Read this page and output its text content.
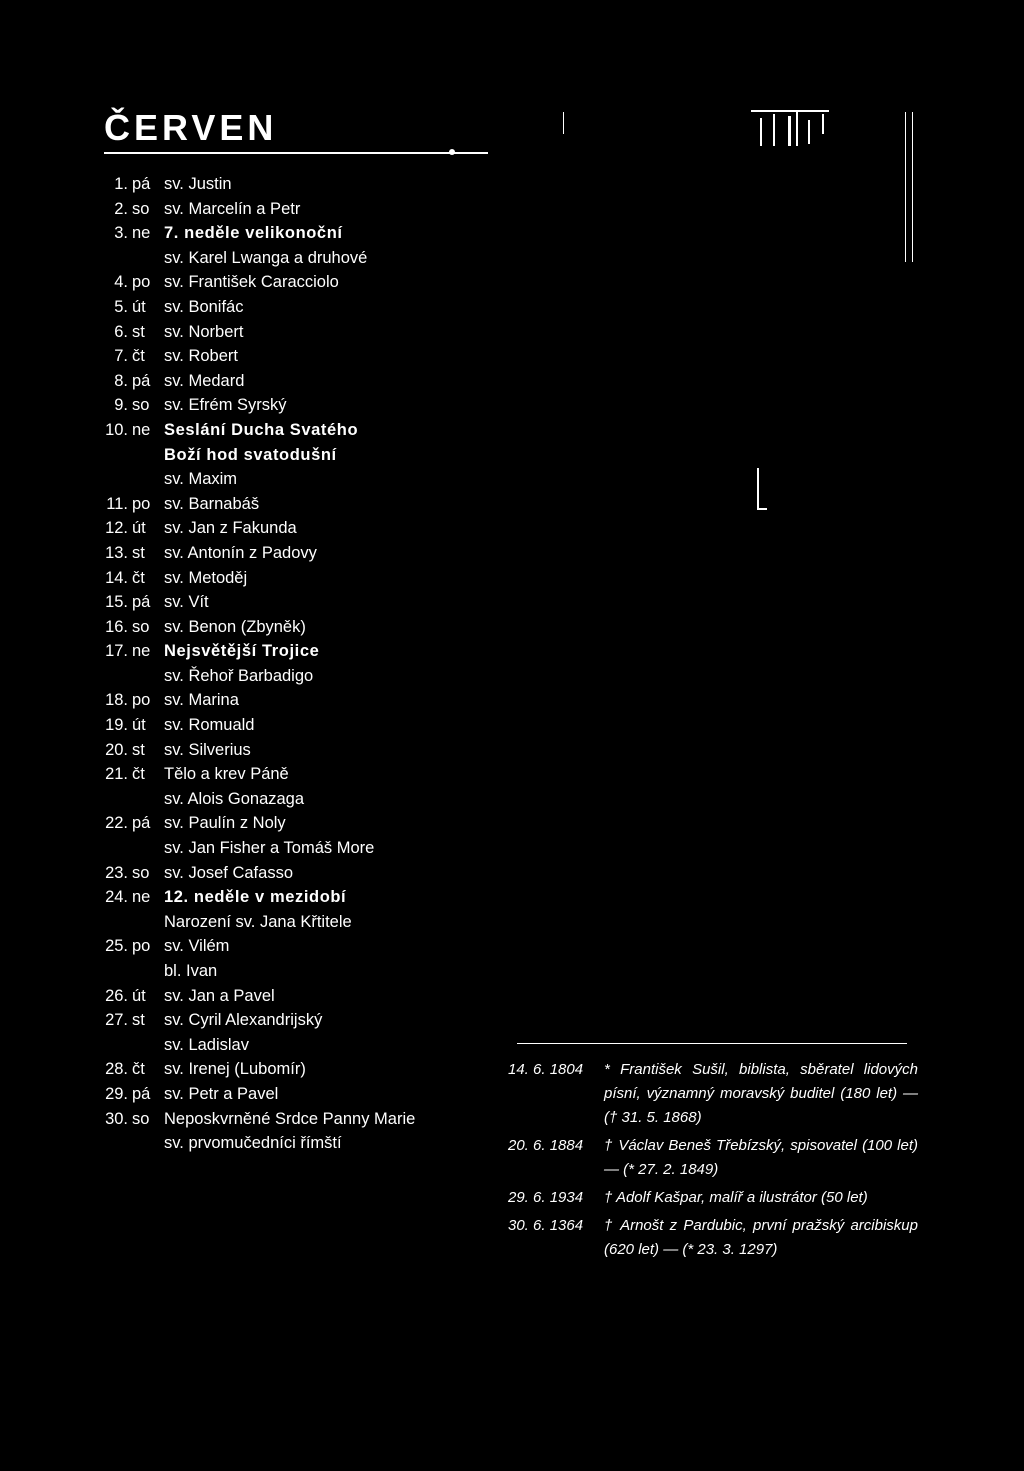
ČERVEN
1. pá sv. Justin
2. so sv. Marcelín a Petr
3. ne 7. neděle velikonoční
sv. Karel Lwanga a druhové
4. po sv. František Caracciolo
5. út sv. Bonifác
6. st sv. Norbert
7. čt sv. Robert
8. pá sv. Medard
9. so sv. Efrém Syrský
10. ne Seslání Ducha Svatého
Boží hod svatodušní
sv. Maxim
11. po sv. Barnabáš
12. út sv. Jan z Fakunda
13. st sv. Antonín z Padovy
14. čt sv. Metoděj
15. pá sv. Vít
16. so sv. Benon (Zbyněk)
17. ne Nejsvětější Trojice
sv. Řehoř Barbadigo
18. po sv. Marina
19. út sv. Romuald
20. st sv. Silverius
21. čt Tělo a krev Páně
sv. Alois Gonazaga
22. pá sv. Paulín z Noly
sv. Jan Fisher a Tomáš More
23. so sv. Josef Cafasso
24. ne 12. neděle v mezidobí
Narození sv. Jana Křtitele
25. po sv. Vilém
bl. Ivan
26. út sv. Jan a Pavel
27. st sv. Cyril Alexandrijský
sv. Ladislav
28. čt sv. Irenej (Lubomír)
29. pá sv. Petr a Pavel
30. so Neposkvrněné Srdce Panny Marie
sv. prvomučedníci římští
14. 6. 1804	* František Sušil, biblista, sběratel lidových písní, významný moravský buditel (180 let) — († 31. 5. 1868)
20. 6. 1884	† Václav Beneš Třebízský, spisovatel (100 let) — (* 27. 2. 1849)
29. 6. 1934	† Adolf Kašpar, malíř a ilustrátor (50 let)
30. 6. 1364	† Arnošt z Pardubic, první pražský arcibiskup (620 let) — (* 23. 3. 1297)
